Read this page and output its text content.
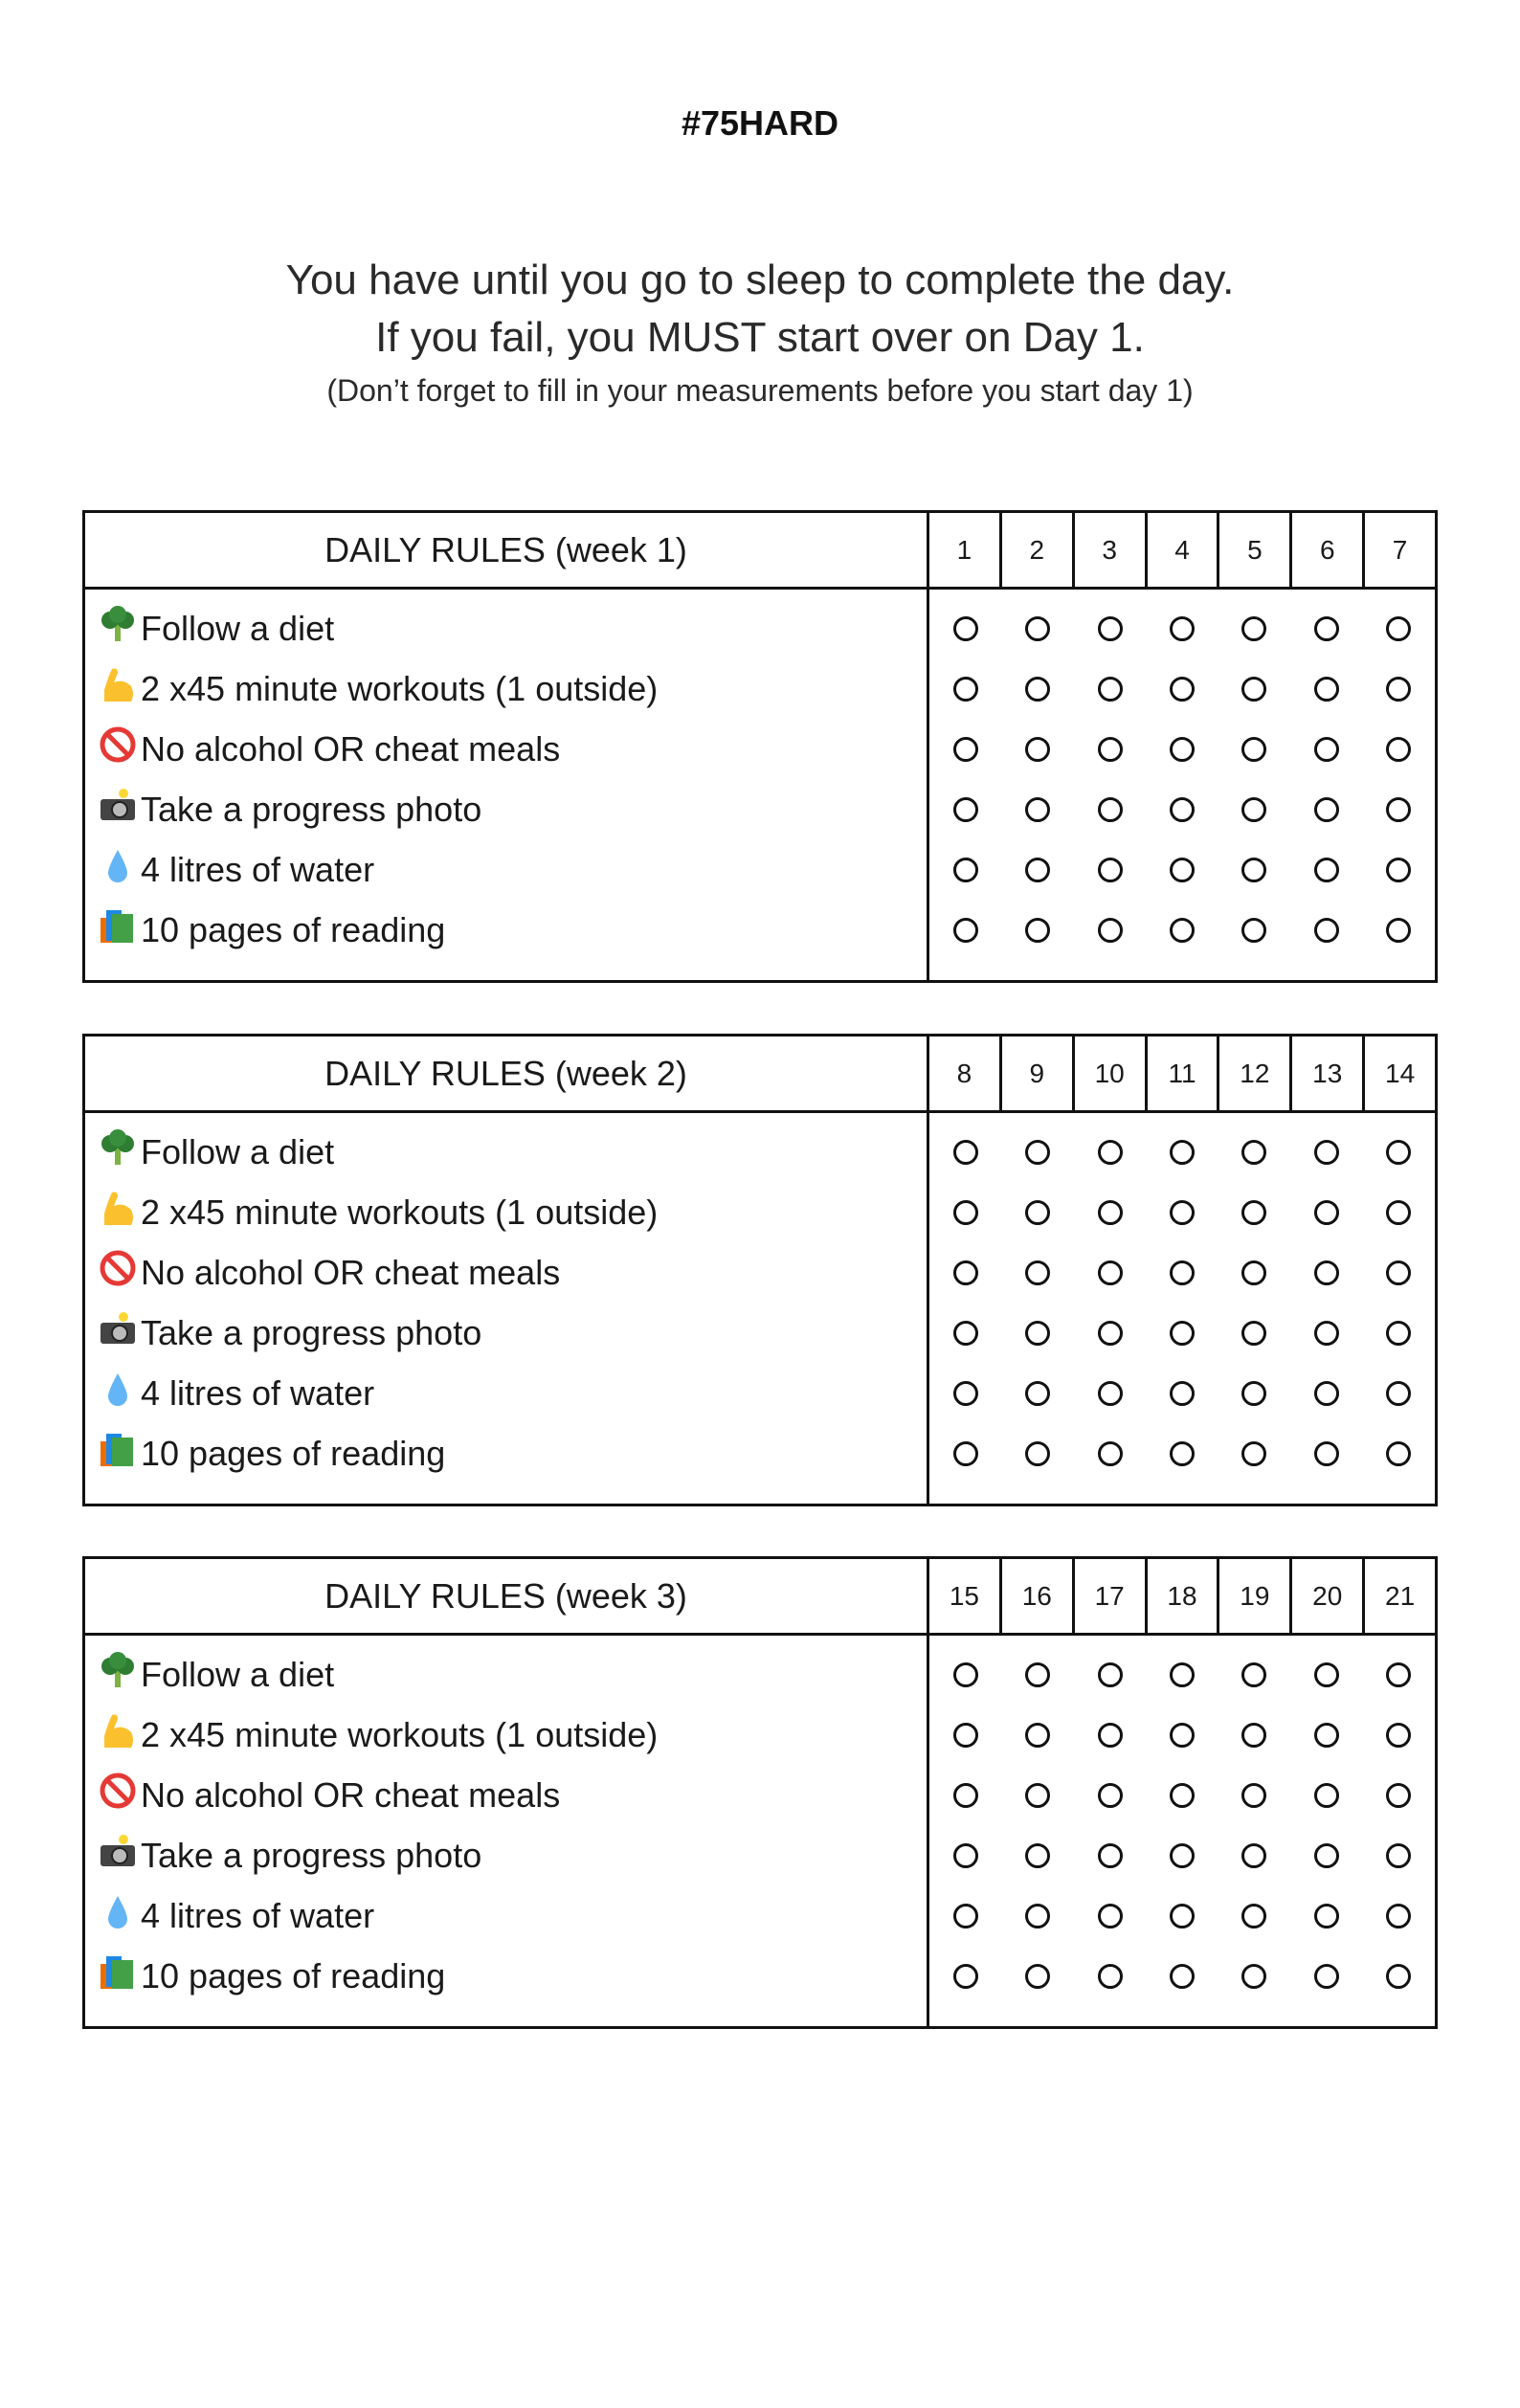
#75HARD
You have until you go to sleep to complete the day.
If you fail, you MUST start over on Day 1.
(Don’t forget to fill in your measurements before you start day 1)
DAILY RULES (week 1)	1	2	3	4	5	6	7
Follow a diet
2 x45 minute workouts (1 outside)
No alcohol OR cheat meals
Take a progress photo
4 litres of water
10 pages of reading
DAILY RULES (week 2)	8	9	10	11	12	13	14
Follow a diet
2 x45 minute workouts (1 outside)
No alcohol OR cheat meals
Take a progress photo
4 litres of water
10 pages of reading
DAILY RULES (week 3)	15	16	17	18	19	20	21
Follow a diet
2 x45 minute workouts (1 outside)
No alcohol OR cheat meals
Take a progress photo
4 litres of water
10 pages of reading
